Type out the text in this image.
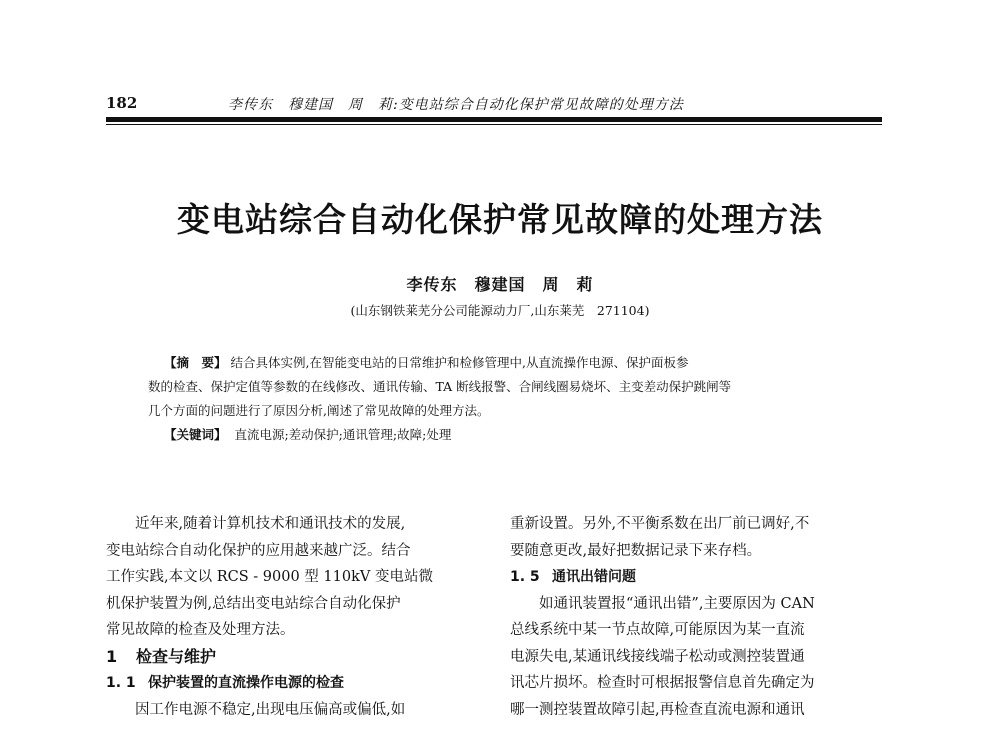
182	李传东　穆建国　周　莉:变电站综合自动化保护常见故障的处理方法
变电站综合自动化保护常见故障的处理方法
李传东　穆建国　周　莉
(山东钢铁莱芜分公司能源动力厂,山东莱芜　271104)
【摘　要】 结合具体实例,在智能变电站的日常维护和检修管理中,从直流操作电源、保护面板参
数的检查、保护定值等参数的在线修改、通讯传输、TA 断线报警、合闸线圈易烧坏、主变差动保护跳闸等
几个方面的问题进行了原因分析,阐述了常见故障的处理方法。
【关键词】 直流电源;差动保护;通讯管理;故障;处理
近年来,随着计算机技术和通讯技术的发展,
变电站综合自动化保护的应用越来越广泛。结合
工作实践,本文以 RCS - 9000 型 110kV 变电站微
机保护装置为例,总结出变电站综合自动化保护
常见故障的检查及处理方法。
1 检查与维护
1. 1 保护装置的直流操作电源的检查
因工作电源不稳定,出现电压偏高或偏低,如
重新设置。另外,不平衡系数在出厂前已调好,不
要随意更改,最好把数据记录下来存档。
1. 5 通讯出错问题
如通讯装置报“通讯出错”,主要原因为 CAN
总线系统中某一节点故障,可能原因为某一直流
电源失电,某通讯线接线端子松动或测控装置通
讯芯片损坏。检查时可根据报警信息首先确定为
哪一测控装置故障引起,再检查直流电源和通讯
